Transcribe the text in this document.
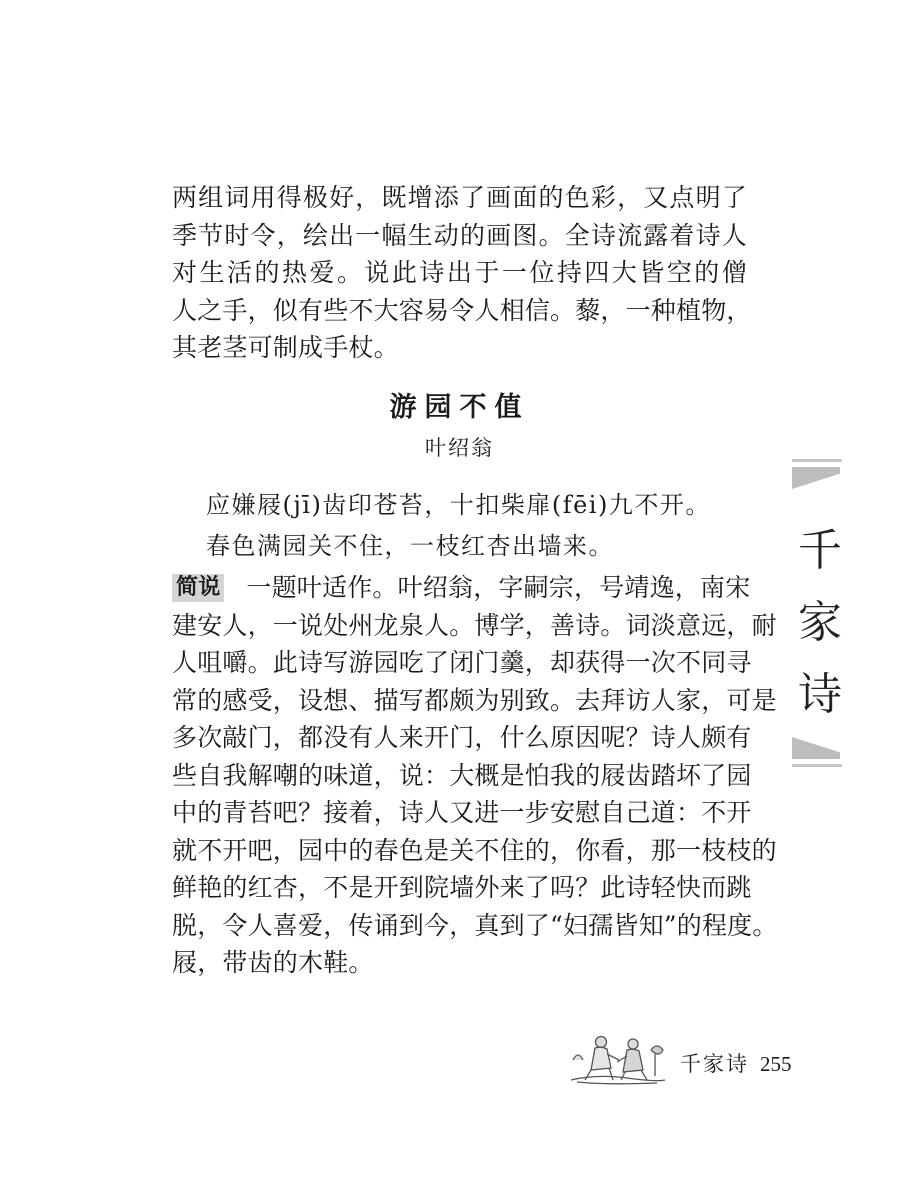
两组词用得极好，既增添了画面的色彩，又点明了
季节时令，绘出一幅生动的画图。全诗流露着诗人
对生活的热爱。说此诗出于一位持四大皆空的僧
人之手，似有些不大容易令人相信。藜，一种植物，
其老茎可制成手杖。

游园不值
叶绍翁
应嫌屐(jī)齿印苍苔，十扣柴扉(fēi)九不开。
春色满园关不住，一枝红杏出墙来。

简说 一题叶适作。叶绍翁，字嗣宗，号靖逸，南宋
建安人，一说处州龙泉人。博学，善诗。词淡意远，耐
人咀嚼。此诗写游园吃了闭门羹，却获得一次不同寻
常的感受，设想、描写都颇为别致。去拜访人家，可是
多次敲门，都没有人来开门，什么原因呢？诗人颇有
些自我解嘲的味道，说：大概是怕我的屐齿踏坏了园
中的青苔吧？接着，诗人又进一步安慰自己道：不开
就不开吧，园中的春色是关不住的，你看，那一枝枝的
鲜艳的红杏，不是开到院墙外来了吗？此诗轻快而跳
脱，令人喜爱，传诵到今，真到了“妇孺皆知”的程度。
屐，带齿的木鞋。

千
家
诗
千家诗 255
